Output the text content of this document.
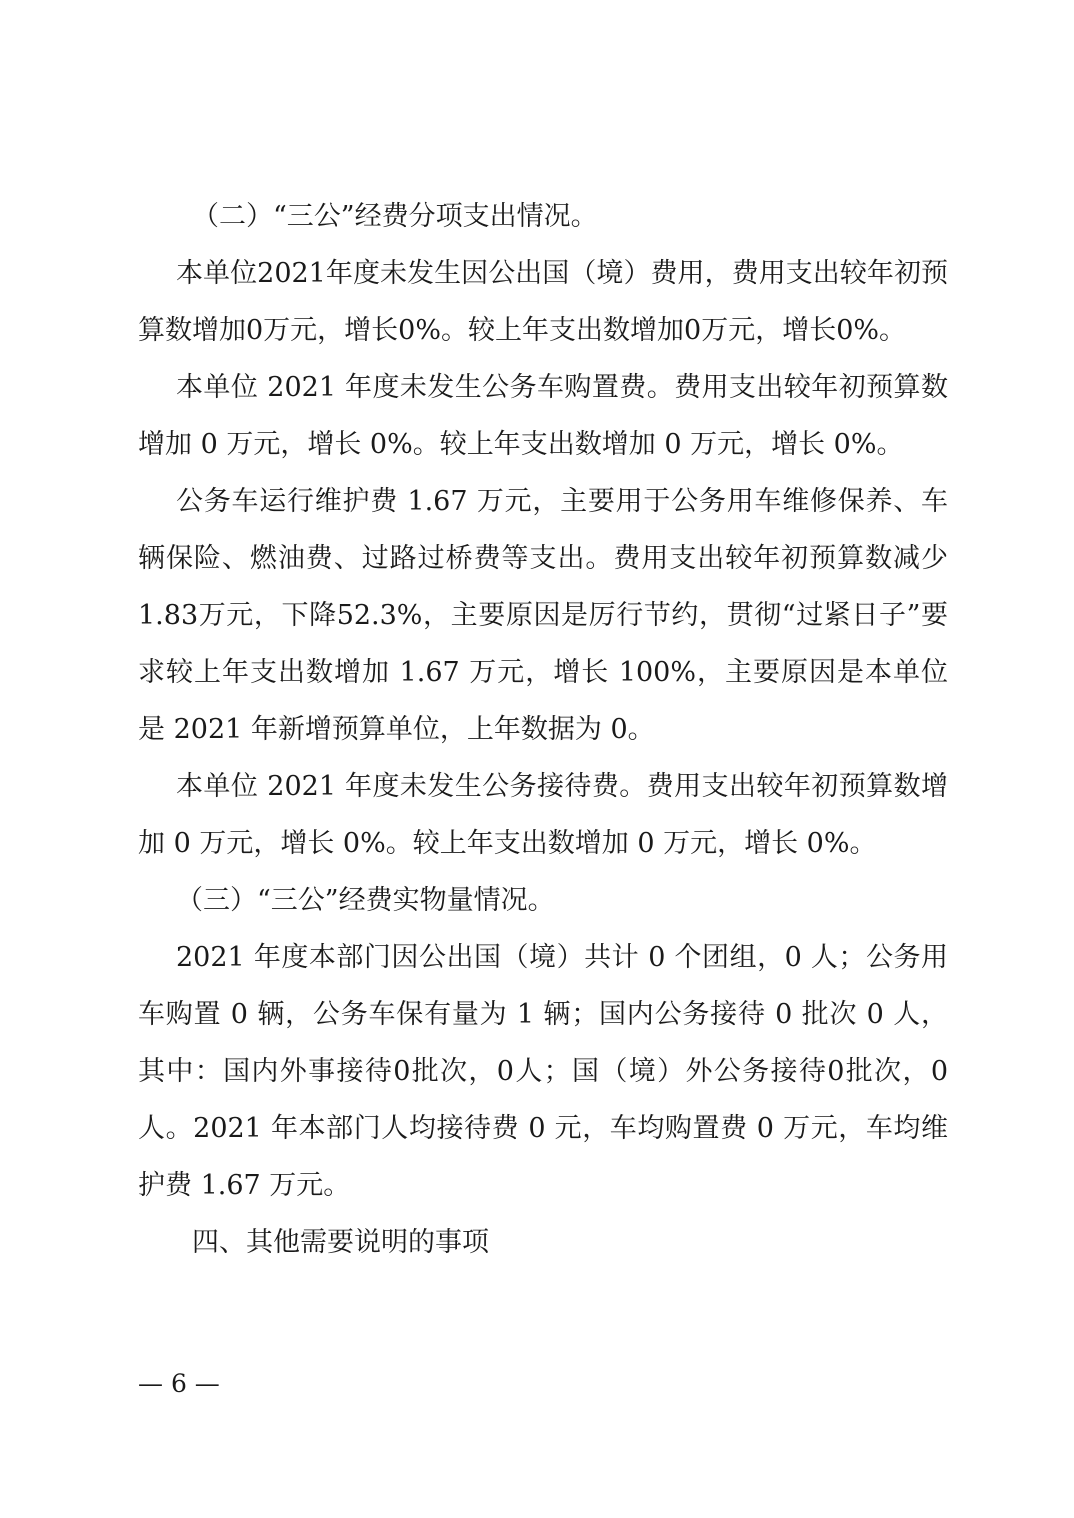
（二）“三公”经费分项支出情况。

本单位2021年度未发生因公出国（境）费用，费用支出较年初预算数增加0万元，增长0%。较上年支出数增加0万元，增长0%。

本单位 2021 年度未发生公务车购置费。费用支出较年初预算数增加 0 万元，增长 0%。较上年支出数增加 0 万元，增长 0%。

公务车运行维护费 1.67 万元，主要用于公务用车维修保养、车辆保险、燃油费、过路过桥费等支出。费用支出较年初预算数减少1.83万元，下降52.3%，主要原因是厉行节约，贯彻“过紧日子”要求较上年支出数增加 1.67 万元，增长 100%，主要原因是本单位是 2021 年新增预算单位，上年数据为 0。

本单位 2021 年度未发生公务接待费。费用支出较年初预算数增加 0 万元，增长 0%。较上年支出数增加 0 万元，增长 0%。

（三）“三公”经费实物量情况。

2021 年度本部门因公出国（境）共计 0 个团组，0 人；公务用车购置 0 辆，公务车保有量为 1 辆；国内公务接待 0 批次 0 人，其中：国内外事接待0批次，0人；国（境）外公务接待0批次，0 人。2021 年本部门人均接待费 0 元，车均购置费 0 万元，车均维护费 1.67 万元。

四、其他需要说明的事项

— 6 —
